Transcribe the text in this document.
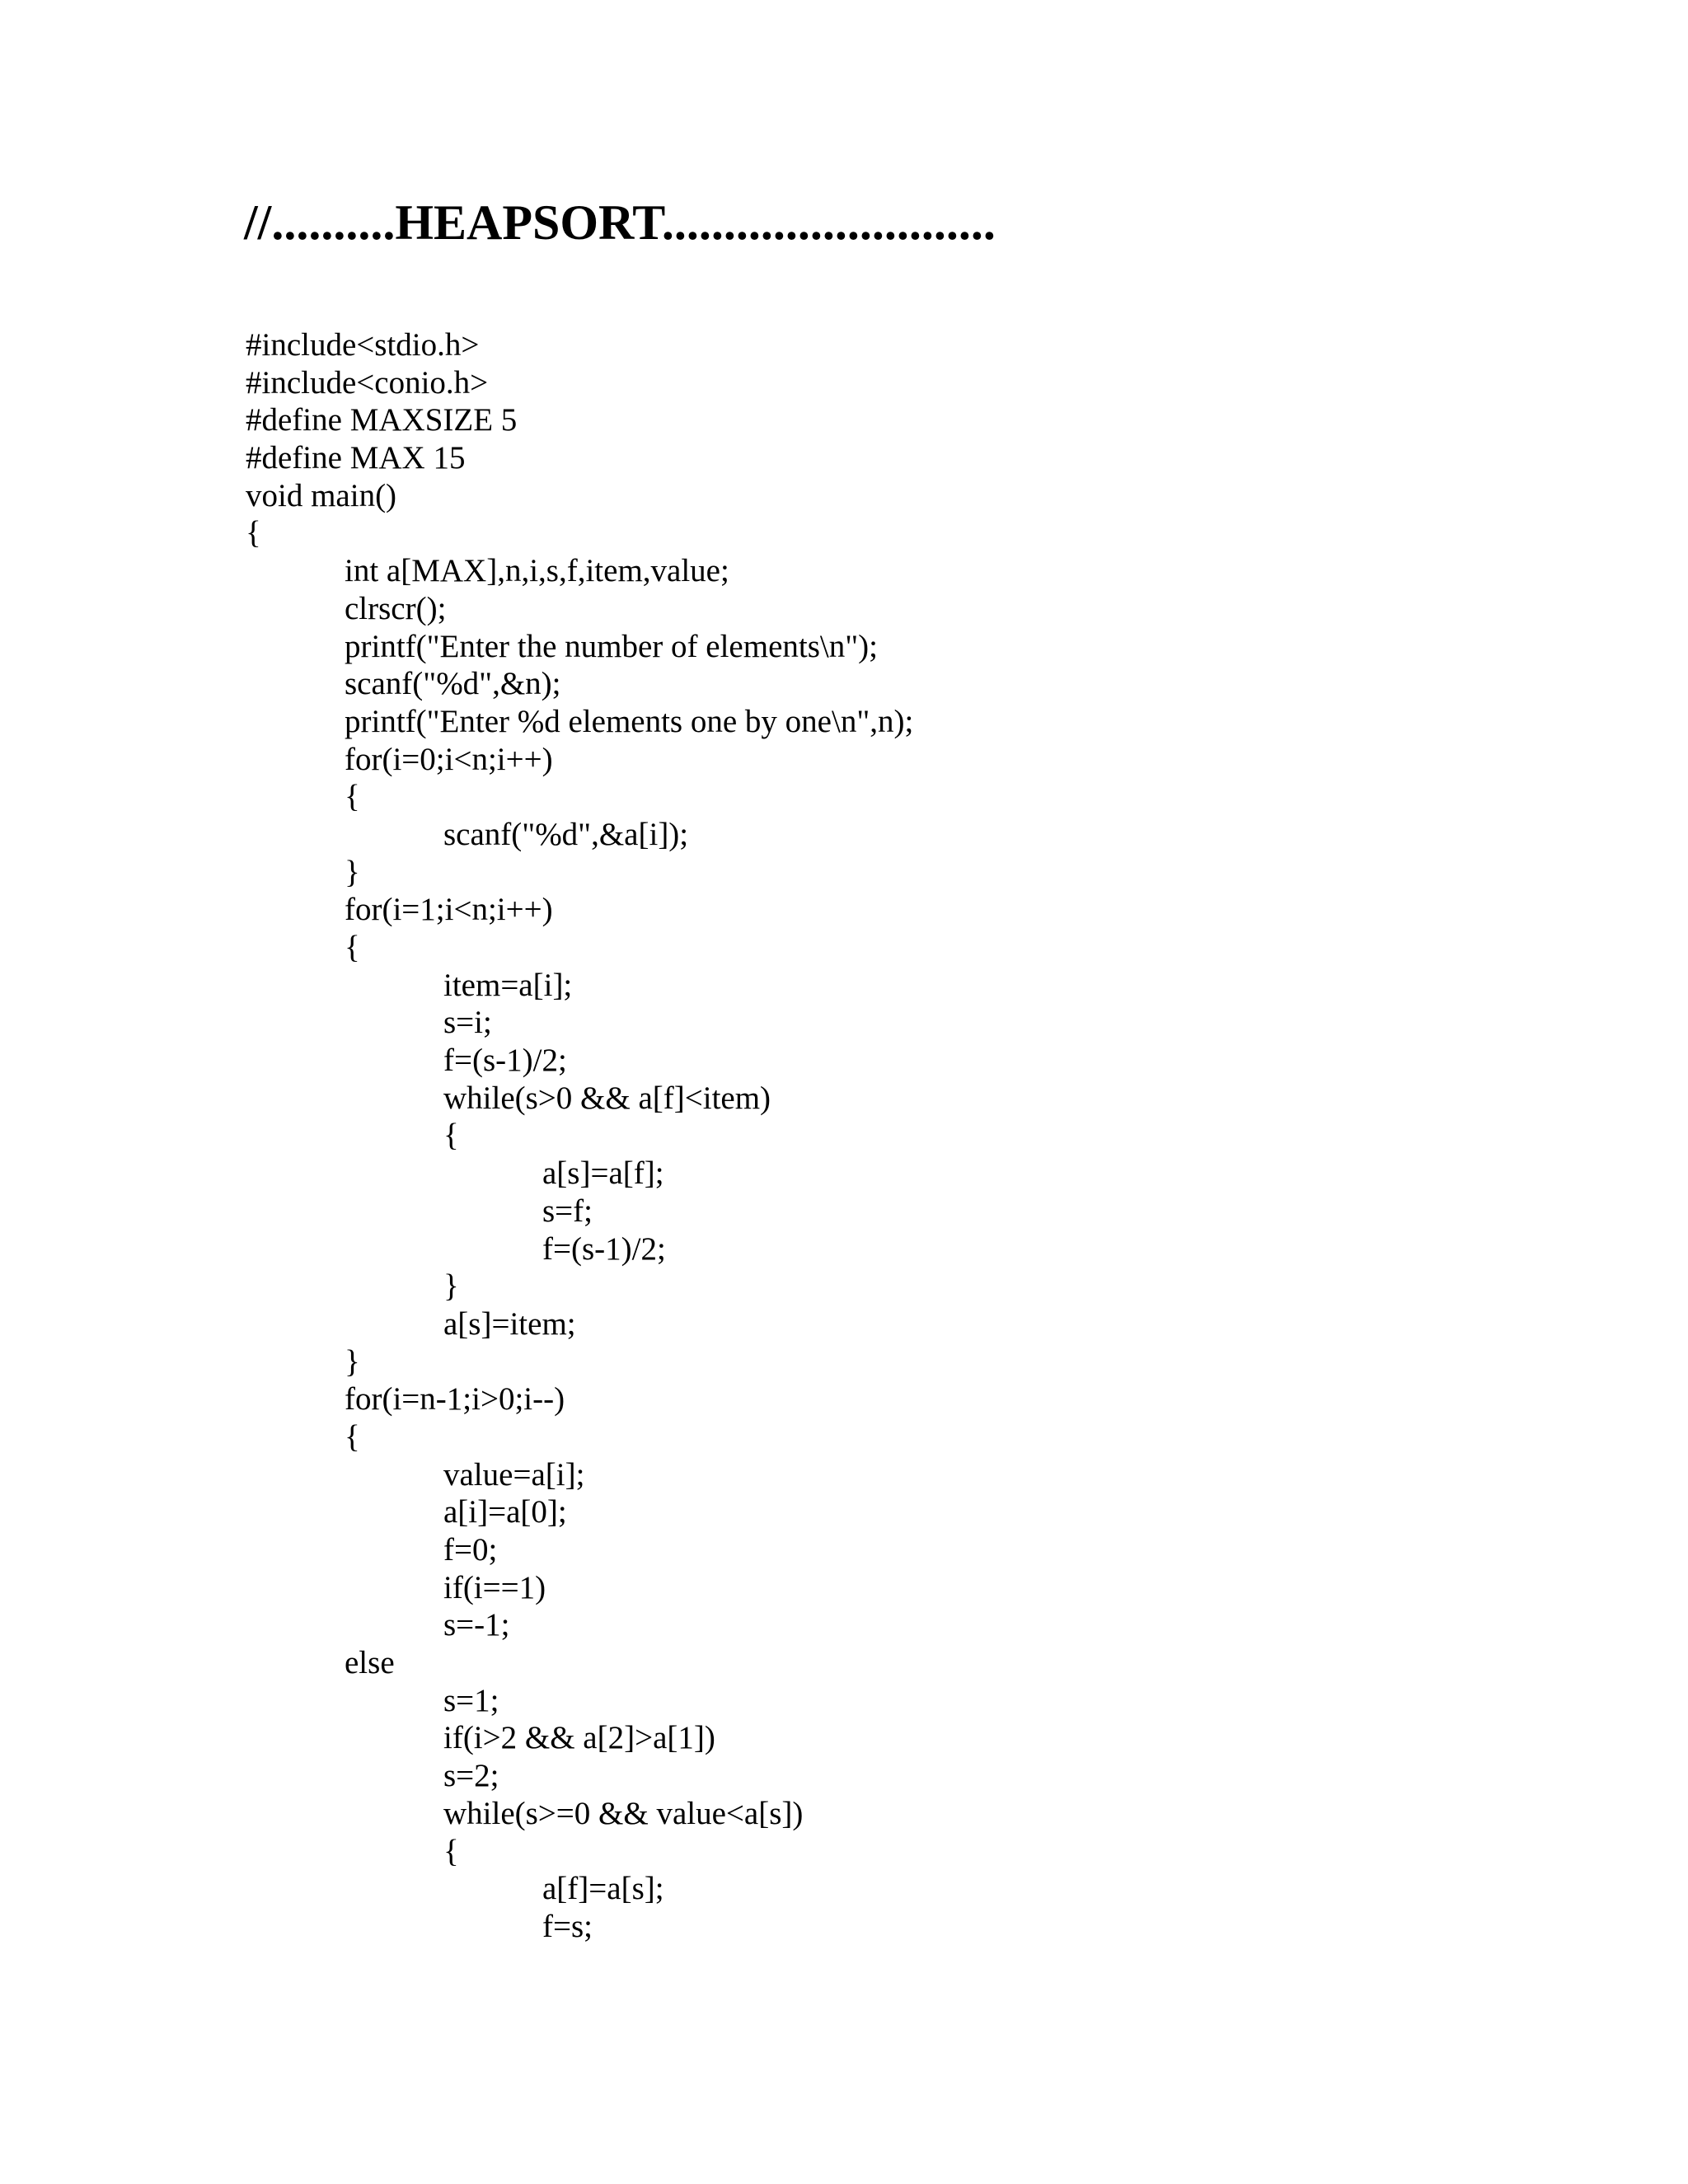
//..........HEAPSORT...........................
#include<stdio.h>
#include<conio.h>
#define MAXSIZE 5
#define MAX 15
void main()
{
int a[MAX],n,i,s,f,item,value;
clrscr();
printf("Enter the number of elements\n");
scanf("%d",&n);
printf("Enter %d elements one by one\n",n);
for(i=0;i<n;i++)
{
scanf("%d",&a[i]);
}
for(i=1;i<n;i++)
{
item=a[i];
s=i;
f=(s-1)/2;
while(s>0 && a[f]<item)
{
a[s]=a[f];
s=f;
f=(s-1)/2;
}
a[s]=item;
}
for(i=n-1;i>0;i--)
{
value=a[i];
a[i]=a[0];
f=0;
if(i==1)
s=-1;
else
s=1;
if(i>2 && a[2]>a[1])
s=2;
while(s>=0 && value<a[s])
{
a[f]=a[s];
f=s;
